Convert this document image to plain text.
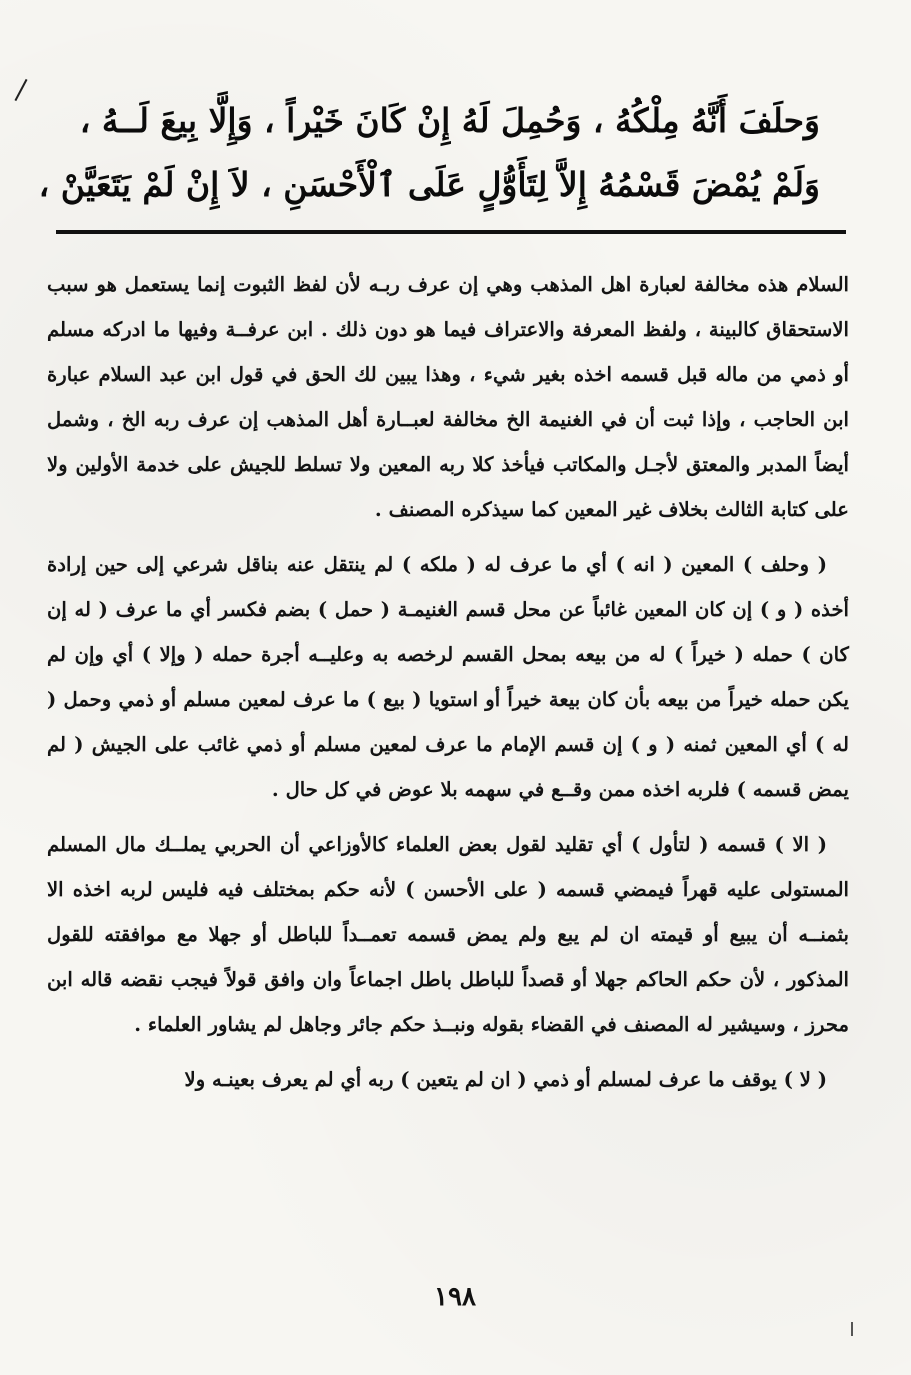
وَحلَفَ أَنَّهُ مِلْكُهُ ، وَحُمِلَ لَهُ إِنْ كَانَ خَيْراً ، وَإِلَّا بِيعَ لَــهُ ،
وَلَمْ يُمْضَ قَسْمُهُ إِلاَّ لِتَأَوُّلٍ عَلَى ٱلْأَحْسَنِ ، لاَ إِنْ لَمْ يَتَعَيَّنْ ،

السلام هذه مخالفة لعبارة اهل المذهب وهي إن عرف ربـه لأن لفظ الثبوت إنما يستعمل هو سبب الاستحقاق كالبينة ، ولفظ المعرفة والاعتراف فيما هو دون ذلك . ابن عرفــة وفيها ما ادركه مسلم أو ذمي من ماله قبل قسمه اخذه بغير شيء ، وهذا يبين لك الحق في قول ابن عبد السلام عبارة ابن الحاجب ، وإذا ثبت أن في الغنيمة الخ مخالفة لعبــارة أهل المذهب إن عرف ربه الخ ، وشمل أيضاً المدبر والمعتق لأجـل والمكاتب فيأخذ كلا ربه المعين ولا تسلط للجيش على خدمة الأولين ولا على كتابة الثالث بخلاف غير المعين كما سيذكره المصنف .

( وحلف ) المعين ( انه ) أي ما عرف له ( ملكه ) لم ينتقل عنه بناقل شرعي إلى حين إرادة أخذه ( و ) إن كان المعين غائباً عن محل قسم الغنيمـة ( حمل ) بضم فكسر أي ما عرف ( له إن كان ) حمله ( خيراً ) له من بيعه بمحل القسم لرخصه به وعليــه أجرة حمله ( وإلا ) أي وإن لم يكن حمله خيراً من بيعه بأن كان بيعة خيراً أو استويا ( بيع ) ما عرف لمعين مسلم أو ذمي وحمل ( له ) أي المعين ثمنه ( و ) إن قسم الإمام ما عرف لمعين مسلم أو ذمي غائب على الجيش ( لم يمض قسمه ) فلربه اخذه ممن وقــع في سهمه بلا عوض في كل حال .

( الا ) قسمه ( لتأول ) أي تقليد لقول بعض العلماء كالأوزاعي أن الحربي يملــك مال المسلم المستولى عليه قهراً فيمضي قسمه ( على الأحسن ) لأنه حكم بمختلف فيه فليس لربه اخذه الا بثمنــه أن يبيع أو قيمته ان لم يبع ولم يمض قسمه تعمــداً للباطل أو جهلا مع موافقته للقول المذكور ، لأن حكم الحاكم جهلا أو قصداً للباطل باطل اجماعاً وان وافق قولاً فيجب نقضه قاله ابن محرز ، وسيشير له المصنف في القضاء بقوله ونبــذ حكم جائر وجاهل لم يشاور العلماء .

( لا ) يوقف ما عرف لمسلم أو ذمي ( ان لم يتعين ) ربه أي لم يعرف بعينـه ولا

١٩٨
